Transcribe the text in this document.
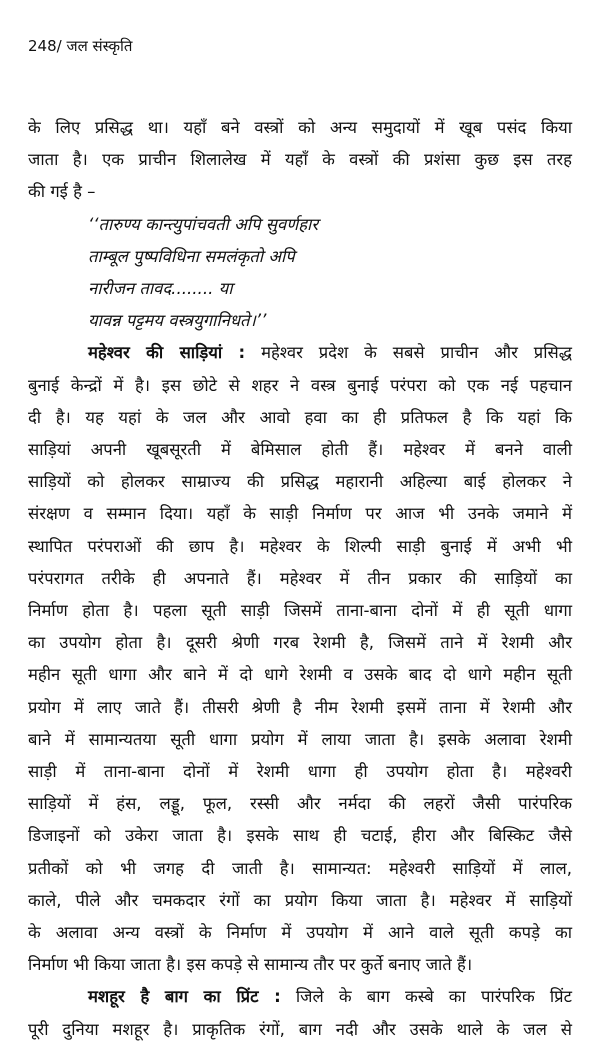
248/ जल संस्कृति
के लिए प्रसिद्ध था। यहाँ बने वस्त्रों को अन्य समुदायों में खूब पसंद किया
जाता है। एक प्राचीन शिलालेख में यहाँ के वस्त्रों की प्रशंसा कुछ इस तरह
की गई है –
‘‘तारुण्य कान्त्युपांचवती अपि सुवर्णहार
ताम्बूल पुष्पविधिना समलंकृतो अपि
नारीजन तावद........ या
यावन्न पट्टमय वस्त्रयुगानिधते।’’
महेश्वर की साड़ियां : महेश्वर प्रदेश के सबसे प्राचीन और प्रसिद्ध
बुनाई केन्द्रों में है। इस छोटे से शहर ने वस्त्र बुनाई परंपरा को एक नई पहचान
दी है। यह यहां के जल और आवो हवा का ही प्रतिफल है कि यहां कि
साड़ियां अपनी खूबसूरती में बेमिसाल होती हैं। महेश्वर में बनने वाली
साड़ियों को होलकर साम्राज्य की प्रसिद्ध महारानी अहिल्या बाई होलकर ने
संरक्षण व सम्मान दिया। यहाँ के साड़ी निर्माण पर आज भी उनके जमाने में
स्थापित परंपराओं की छाप है। महेश्वर के शिल्पी साड़ी बुनाई में अभी भी
परंपरागत तरीके ही अपनाते हैं। महेश्वर में तीन प्रकार की साड़ियों का
निर्माण होता है। पहला सूती साड़ी जिसमें ताना-बाना दोनों में ही सूती धागा
का उपयोग होता है। दूसरी श्रेणी गरब रेशमी है, जिसमें ताने में रेशमी और
महीन सूती धागा और बाने में दो धागे रेशमी व उसके बाद दो धागे महीन सूती
प्रयोग में लाए जाते हैं। तीसरी श्रेणी है नीम रेशमी इसमें ताना में रेशमी और
बाने में सामान्यतया सूती धागा प्रयोग में लाया जाता है। इसके अलावा रेशमी
साड़ी में ताना-बाना दोनों में रेशमी धागा ही उपयोग होता है। महेश्वरी
साड़ियों में हंस, लड्डू, फूल, रस्सी और नर्मदा की लहरों जैसी पारंपरिक
डिजाइनों को उकेरा जाता है। इसके साथ ही चटाई, हीरा और बिस्किट जैसे
प्रतीकों को भी जगह दी जाती है। सामान्यत: महेश्वरी साड़ियों में लाल,
काले, पीले और चमकदार रंगों का प्रयोग किया जाता है। महेश्वर में साड़ियों
के अलावा अन्य वस्त्रों के निर्माण में उपयोग में आने वाले सूती कपड़े का
निर्माण भी किया जाता है। इस कपड़े से सामान्य तौर पर कुर्ते बनाए जाते हैं।
मशहूर है बाग का प्रिंट : जिले के बाग कस्बे का पारंपरिक प्रिंट
पूरी दुनिया मशहूर है। प्राकृतिक रंगों, बाग नदी और उसके थाले के जल से
